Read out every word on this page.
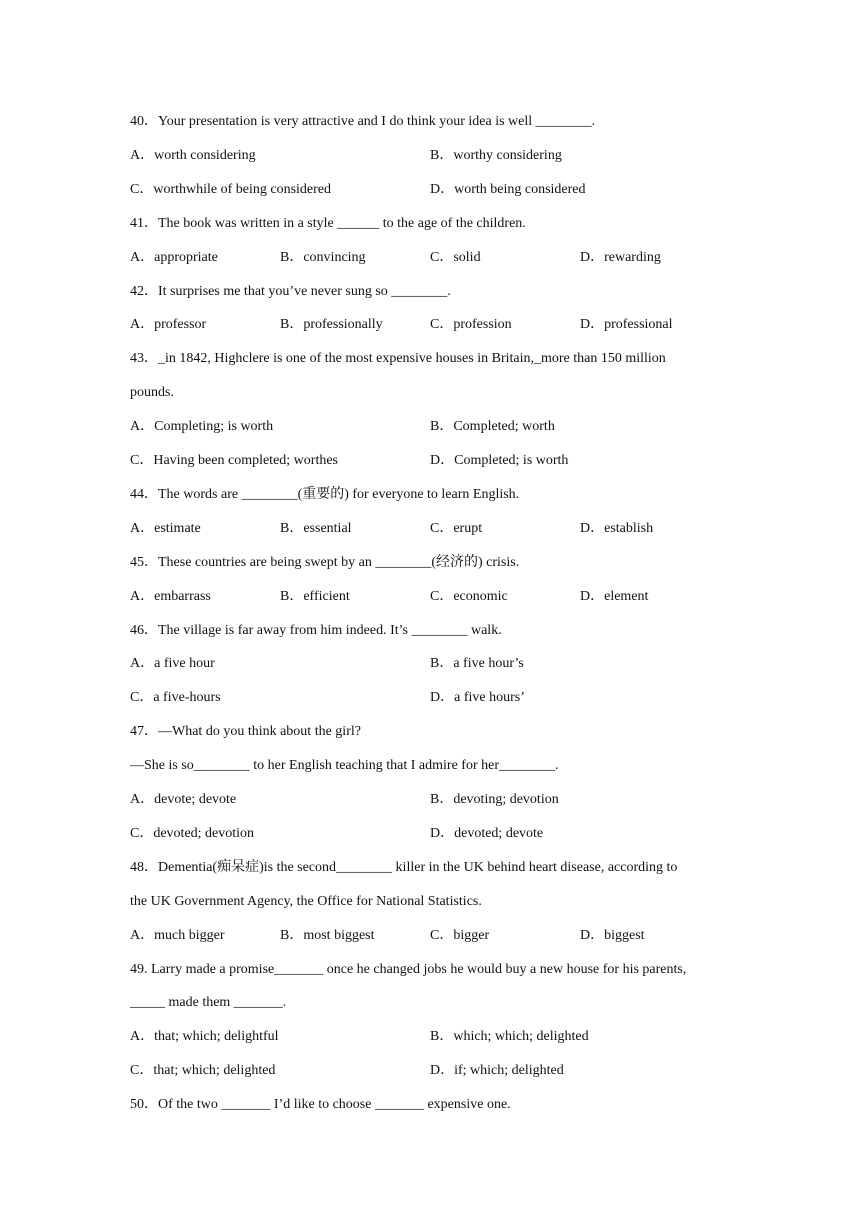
40．Your presentation is very attractive and I do think your idea is well ________.
A．worth considering	B．worthy considering
C．worthwhile of being considered	D．worth being considered
41．The book was written in a style ______ to the age of the children.
A．appropriate	B．convincing	C．solid	D．rewarding
42．It surprises me that you’ve never sung so ________.
A．professor	B．professionally	C．profession	D．professional
43．_in 1842, Highclere is one of the most expensive houses in Britain,_more than 150 million
pounds.
A．Completing; is worth	B．Completed; worth
C．Having been completed; worthes	D．Completed; is worth
44．The words are ________(重要的) for everyone to learn English.
A．estimate	B．essential	C．erupt	D．establish
45．These countries are being swept by an ________(经济的) crisis.
A．embarrass	B．efficient	C．economic	D．element
46．The village is far away from him indeed. It’s ________ walk.
A．a five hour	B．a five hour’s
C．a five-hours	D．a five hours’
47．—What do you think about the girl?
—She is so________ to her English teaching that I admire for her________.
A．devote; devote	B．devoting; devotion
C．devoted; devotion	D．devoted; devote
48．Dementia(痴呆症)is the second________ killer in the UK behind heart disease, according to
the UK Government Agency, the Office for National Statistics.
A．much bigger	B．most biggest	C．bigger	D．biggest
49. Larry made a promise_______ once he changed jobs he would buy a new house for his parents,
_____ made them _______.
A．that; which; delightful	B．which; which; delighted
C．that; which; delighted	D．if; which; delighted
50．Of the two _______ I’d like to choose _______ expensive one.
